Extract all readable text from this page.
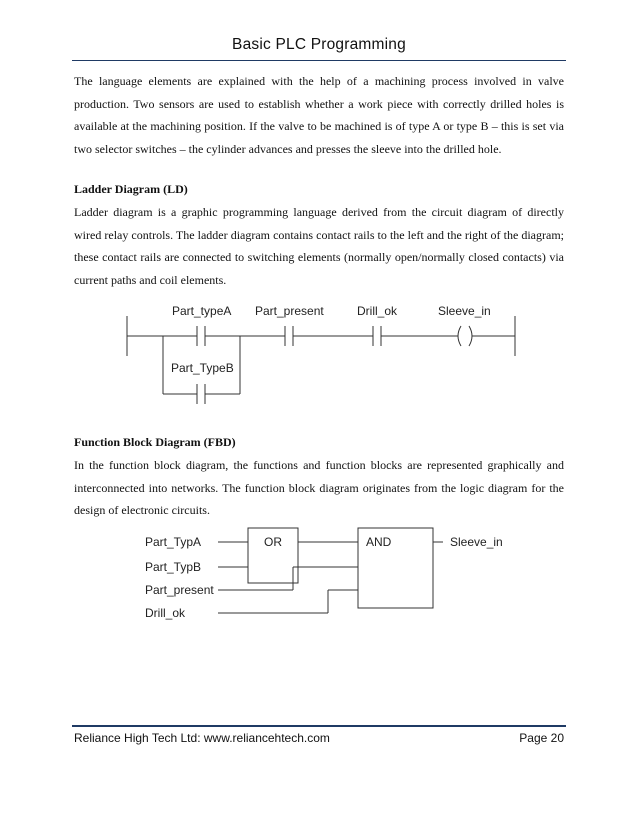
Basic PLC Programming

The language elements are explained with the help of a machining process involved in valve production. Two sensors are used to establish whether a work piece with correctly drilled holes is available at the machining position. If the valve to be machined is of type A or type B – this is set via two selector switches – the cylinder advances and presses the sleeve into the drilled hole.

Ladder Diagram (LD)

Ladder diagram is a graphic programming language derived from the circuit diagram of directly wired relay controls. The ladder diagram contains contact rails to the left and the right of the diagram; these contact rails are connected to switching elements (normally open/normally closed contacts) via current paths and coil elements.

Part_typeA Part_present	Drill_ok	Sleeve_in
Part_TypeB
Function Block Diagram (FBD)

In the function block diagram, the functions and function blocks are represented graphically and interconnected into networks. The function block diagram originates from the logic diagram for the design of electronic circuits.

Part_TypA
Part_TypB
Part_present
Drill_ok
OR	AND	Sleeve_in
Reliance High Tech Ltd: www.reliancehtech.com	Page 20
